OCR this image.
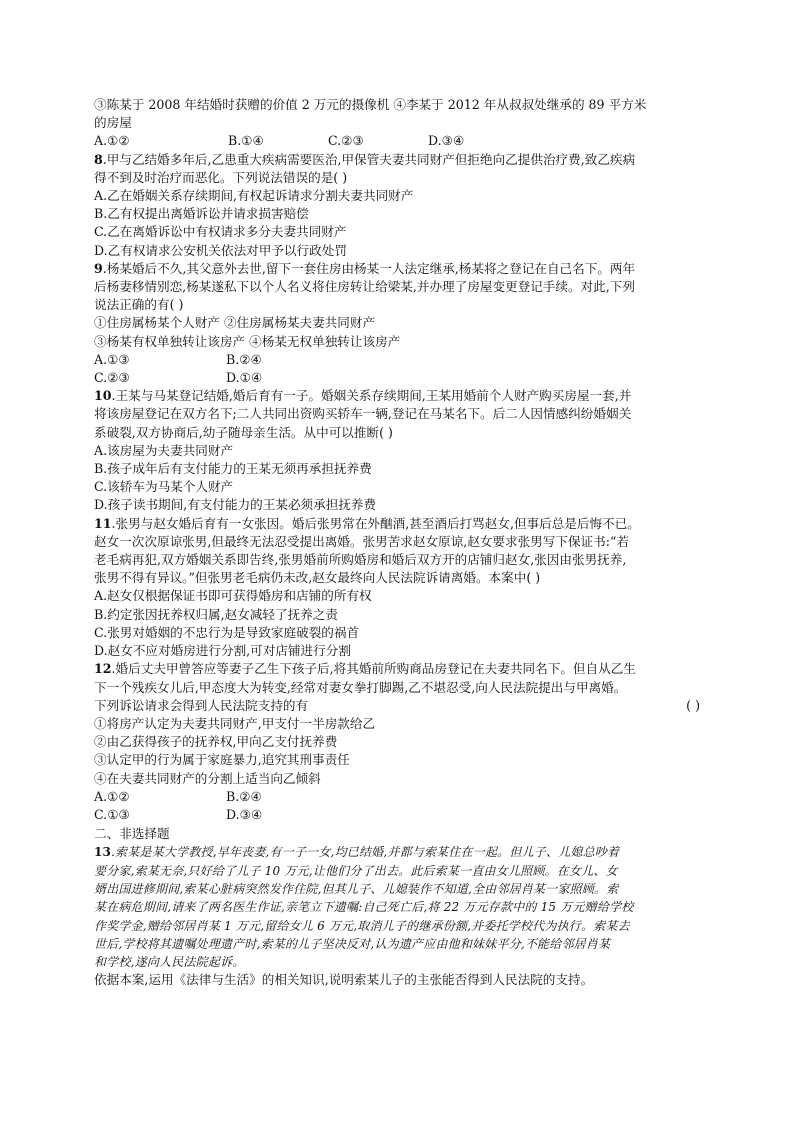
③陈某于 2008 年结婚时获赠的价值 2 万元的摄像机 ④李某于 2012 年从叔叔处继承的 89 平方米
的房屋
A.①②	B.①④	C.②③	D.③④
8.甲与乙结婚多年后,乙患重大疾病需要医治,甲保管夫妻共同财产但拒绝向乙提供治疗费,致乙疾病
得不到及时治疗而恶化。下列说法错误的是( )
A.乙在婚姻关系存续期间,有权起诉请求分割夫妻共同财产
B.乙有权提出离婚诉讼并请求损害赔偿
C.乙在离婚诉讼中有权请求多分夫妻共同财产
D.乙有权请求公安机关依法对甲予以行政处罚
9.杨某婚后不久,其父意外去世,留下一套住房由杨某一人法定继承,杨某将之登记在自己名下。两年
后杨妻移情别恋,杨某遂私下以个人名义将住房转让给梁某,并办理了房屋变更登记手续。对此,下列
说法正确的有( )
①住房属杨某个人财产 ②住房属杨某夫妻共同财产
③杨某有权单独转让该房产 ④杨某无权单独转让该房产
A.①③	B.②④
C.②③	D.①④
10.王某与马某登记结婚,婚后育有一子。婚姻关系存续期间,王某用婚前个人财产购买房屋一套,并
将该房屋登记在双方名下;二人共同出资购买轿车一辆,登记在马某名下。后二人因情感纠纷婚姻关
系破裂,双方协商后,幼子随母亲生活。从中可以推断( )
A.该房屋为夫妻共同财产
B.孩子成年后有支付能力的王某无须再承担抚养费
C.该轿车为马某个人财产
D.孩子读书期间,有支付能力的王某必须承担抚养费
11.张男与赵女婚后育有一女张因。婚后张男常在外酗酒,甚至酒后打骂赵女,但事后总是后悔不已。
赵女一次次原谅张男,但最终无法忍受提出离婚。张男苦求赵女原谅,赵女要求张男写下保证书:“若
老毛病再犯,双方婚姻关系即告终,张男婚前所购婚房和婚后双方开的店铺归赵女,张因由张男抚养,
张男不得有异议。”但张男老毛病仍未改,赵女最终向人民法院诉请离婚。本案中( )
A.赵女仅根据保证书即可获得婚房和店铺的所有权
B.约定张因抚养权归属,赵女减轻了抚养之责
C.张男对婚姻的不忠行为是导致家庭破裂的祸首
D.赵女不应对婚房进行分割,可对店铺进行分割
12.婚后丈夫甲曾答应等妻子乙生下孩子后,将其婚前所购商品房登记在夫妻共同名下。但自从乙生
下一个残疾女儿后,甲态度大为转变,经常对妻女拳打脚踢,乙不堪忍受,向人民法院提出与甲离婚。
下列诉讼请求会得到人民法院支持的有	( )
①将房产认定为夫妻共同财产,甲支付一半房款给乙
②由乙获得孩子的抚养权,甲向乙支付抚养费
③认定甲的行为属于家庭暴力,追究其刑事责任
④在夫妻共同财产的分割上适当向乙倾斜
A.①②	B.②④
C.①③	D.③④
二、非选择题
13.索某是某大学教授,早年丧妻,有一子一女,均已结婚,并都与索某住在一起。但儿子、儿媳总吵着
要分家,索某无奈,只好给了儿子 10 万元,让他们分了出去。此后索某一直由女儿照顾。在女儿、女
婿出国进修期间,索某心脏病突然发作住院,但其儿子、儿媳装作不知道,全由邻居肖某一家照顾。索
某在病危期间,请来了两名医生作证,亲笔立下遗嘱:自己死亡后,将 22 万元存款中的 15 万元赠给学校
作奖学金,赠给邻居肖某 1 万元,留给女儿 6 万元,取消儿子的继承份额,并委托学校代为执行。索某去
世后,学校将其遗嘱处理遗产时,索某的儿子坚决反对,认为遗产应由他和妹妹平分,不能给邻居肖某
和学校,遂向人民法院起诉。
依据本案,运用《法律与生活》的相关知识,说明索某儿子的主张能否得到人民法院的支持。
